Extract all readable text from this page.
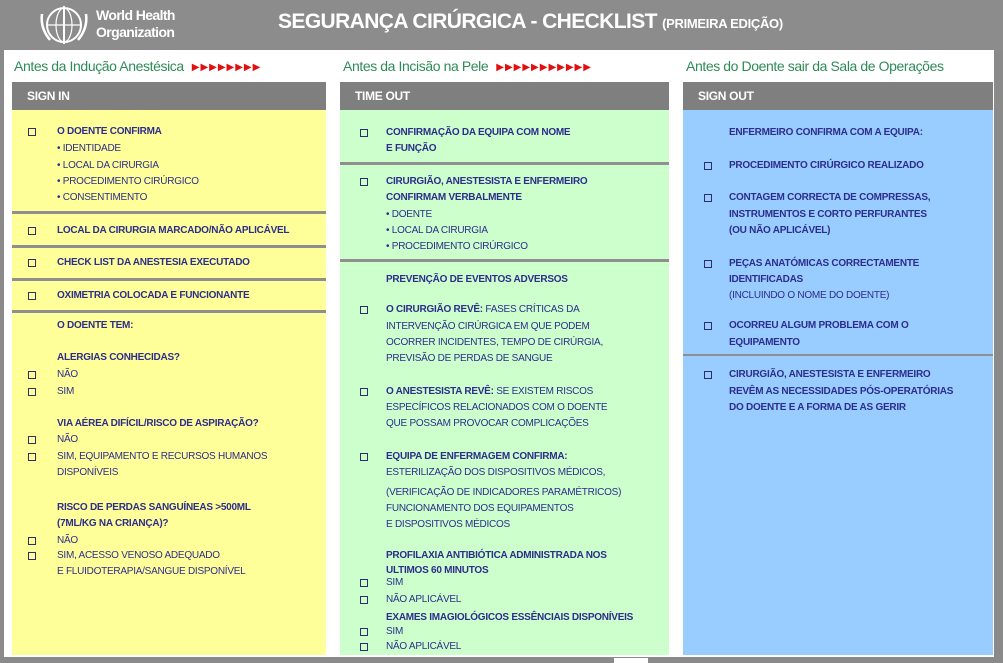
World Health
Organization	SEGURANÇA CIRÚRGICA - CHECKLIST (PRIMEIRA EDIÇÃO)
Antes da Indução Anestésica ▶▶▶▶▶▶▶▶	Antes da Incisão na Pele ▶▶▶▶▶▶▶▶▶▶▶	Antes do Doente sair da Sala de Operações
SIGN IN	TIME OUT	SIGN OUT
O DOENTE CONFIRMA
• IDENTIDADE
• LOCAL DA CIRURGIA
• PROCEDIMENTO CIRÚRGICO
• CONSENTIMENTO
LOCAL DA CIRURGIA MARCADO/NÃO APLICÁVEL
CHECK LIST DA ANESTESIA EXECUTADO
OXIMETRIA COLOCADA E FUNCIONANTE
O DOENTE TEM:
ALERGIAS CONHECIDAS?
NÃO
SIM
VIA AÉREA DIFÍCIL/RISCO DE ASPIRAÇÃO?
NÃO
SIM, EQUIPAMENTO E RECURSOS HUMANOS
DISPONÍVEIS
RISCO DE PERDAS SANGUÍNEAS >500ML
(7ML/KG NA CRIANÇA)?
NÃO
SIM, ACESSO VENOSO ADEQUADO
E FLUIDOTERAPIA/SANGUE DISPONÍVEL
CONFIRMAÇÃO DA EQUIPA COM NOME
E FUNÇÃO
CIRURGIÃO, ANESTESISTA E ENFERMEIRO
CONFIRMAM VERBALMENTE
• DOENTE
• LOCAL DA CIRURGIA
• PROCEDIMENTO CIRÚRGICO
PREVENÇÃO DE EVENTOS ADVERSOS
O CIRURGIÃO REVÊ: FASES CRÍTICAS DA
INTERVENÇÃO CIRÚRGICA EM QUE PODEM
OCORRER INCIDENTES, TEMPO DE CIRÚRGIA,
PREVISÃO DE PERDAS DE SANGUE
O ANESTESISTA REVÊ: SE EXISTEM RISCOS
ESPECÍFICOS RELACIONADOS COM O DOENTE
QUE POSSAM PROVOCAR COMPLICAÇÕES
EQUIPA DE ENFERMAGEM CONFIRMA:
ESTERILIZAÇÃO DOS DISPOSITIVOS MÉDICOS,
(VERIFICAÇÃO DE INDICADORES PARAMÉTRICOS)
FUNCIONAMENTO DOS EQUIPAMENTOS
E DISPOSITIVOS MÉDICOS
PROFILAXIA ANTIBIÓTICA ADMINISTRADA NOS
ULTIMOS 60 MINUTOS
SIM
NÃO APLICÁVEL
EXAMES IMAGIOLÓGICOS ESSÊNCIAIS DISPONÍVEIS
SIM
NÃO APLICÁVEL
ENFERMEIRO CONFIRMA COM A EQUIPA:
PROCEDIMENTO CIRÚRGICO REALIZADO
CONTAGEM CORRECTA DE COMPRESSAS,
INSTRUMENTOS E CORTO PERFURANTES
(OU NÃO APLICÁVEL)
PEÇAS ANATÓMICAS CORRECTAMENTE
IDENTIFICADAS
(INCLUINDO O NOME DO DOENTE)
OCORREU ALGUM PROBLEMA COM O
EQUIPAMENTO
CIRURGIÃO, ANESTESISTA E ENFERMEIRO
REVÊM AS NECESSIDADES PÓS-OPERATÓRIAS
DO DOENTE E A FORMA DE AS GERIR
